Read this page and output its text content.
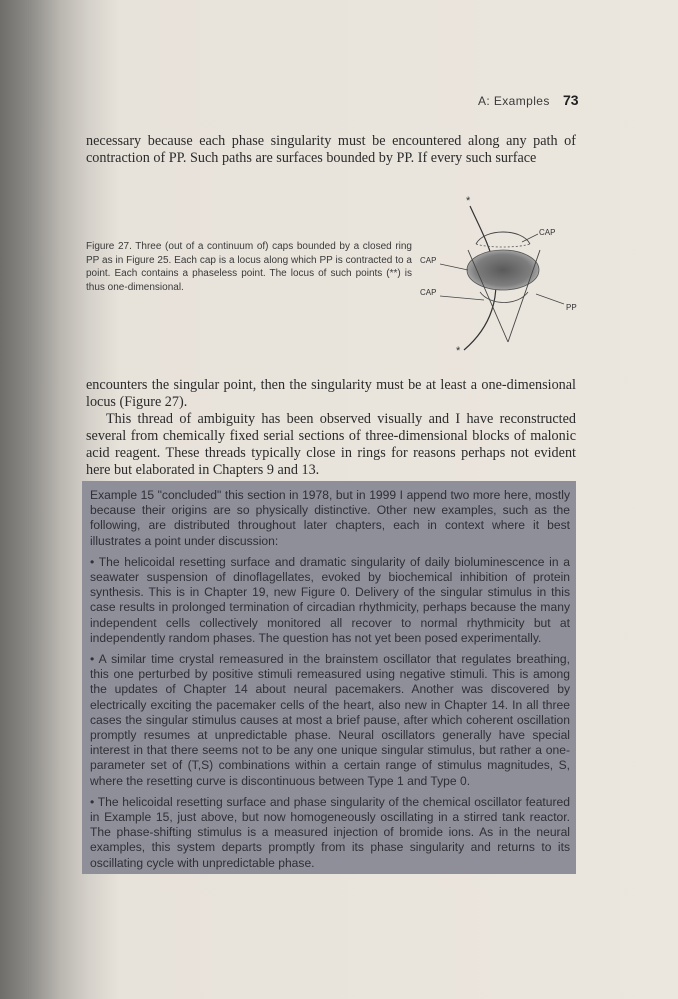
A: Examples 73
necessary because each phase singularity must be encountered along any path of contraction of PP. Such paths are surfaces bounded by PP. If every such surface
Figure 27. Three (out of a continuum of) caps bounded by a closed ring PP as in Figure 25. Each cap is a locus along which PP is contracted to a point. Each contains a phaseless point. The locus of such points (**) is thus one-dimensional.
*
CAP
CAP
CAP
PP
*
encounters the singular point, then the singularity must be at least a one-dimensional locus (Figure 27).
This thread of ambiguity has been observed visually and I have reconstructed several from chemically fixed serial sections of three-dimensional blocks of malonic acid reagent. These threads typically close in rings for reasons perhaps not evident here but elaborated in Chapters 9 and 13.

Example 15 "concluded" this section in 1978, but in 1999 I append two more here, mostly because their origins are so physically distinctive. Other new examples, such as the following, are distributed throughout later chapters, each in context where it best illustrates a point under discussion:

• The helicoidal resetting surface and dramatic singularity of daily bioluminescence in a seawater suspension of dinoflagellates, evoked by biochemical inhibition of protein synthesis. This is in Chapter 19, new Figure 0. Delivery of the singular stimulus in this case results in prolonged termination of circadian rhythmicity, perhaps because the many independent cells collectively monitored all recover to normal rhythmicity but at independently random phases. The question has not yet been posed experimentally.

• A similar time crystal remeasured in the brainstem oscillator that regulates breathing, this one perturbed by positive stimuli remeasured using negative stimuli. This is among the updates of Chapter 14 about neural pacemakers. Another was discovered by electrically exciting the pacemaker cells of the heart, also new in Chapter 14. In all three cases the singular stimulus causes at most a brief pause, after which coherent oscillation promptly resumes at unpredictable phase. Neural oscillators generally have special interest in that there seems not to be any one unique singular stimulus, but rather a one-parameter set of (T,S) combinations within a certain range of stimulus magnitudes, S, where the resetting curve is discontinuous between Type 1 and Type 0.

• The helicoidal resetting surface and phase singularity of the chemical oscillator featured in Example 15, just above, but now homogeneously oscillating in a stirred tank reactor. The phase-shifting stimulus is a measured injection of bromide ions. As in the neural examples, this system departs promptly from its phase singularity and returns to its oscillating cycle with unpredictable phase.
